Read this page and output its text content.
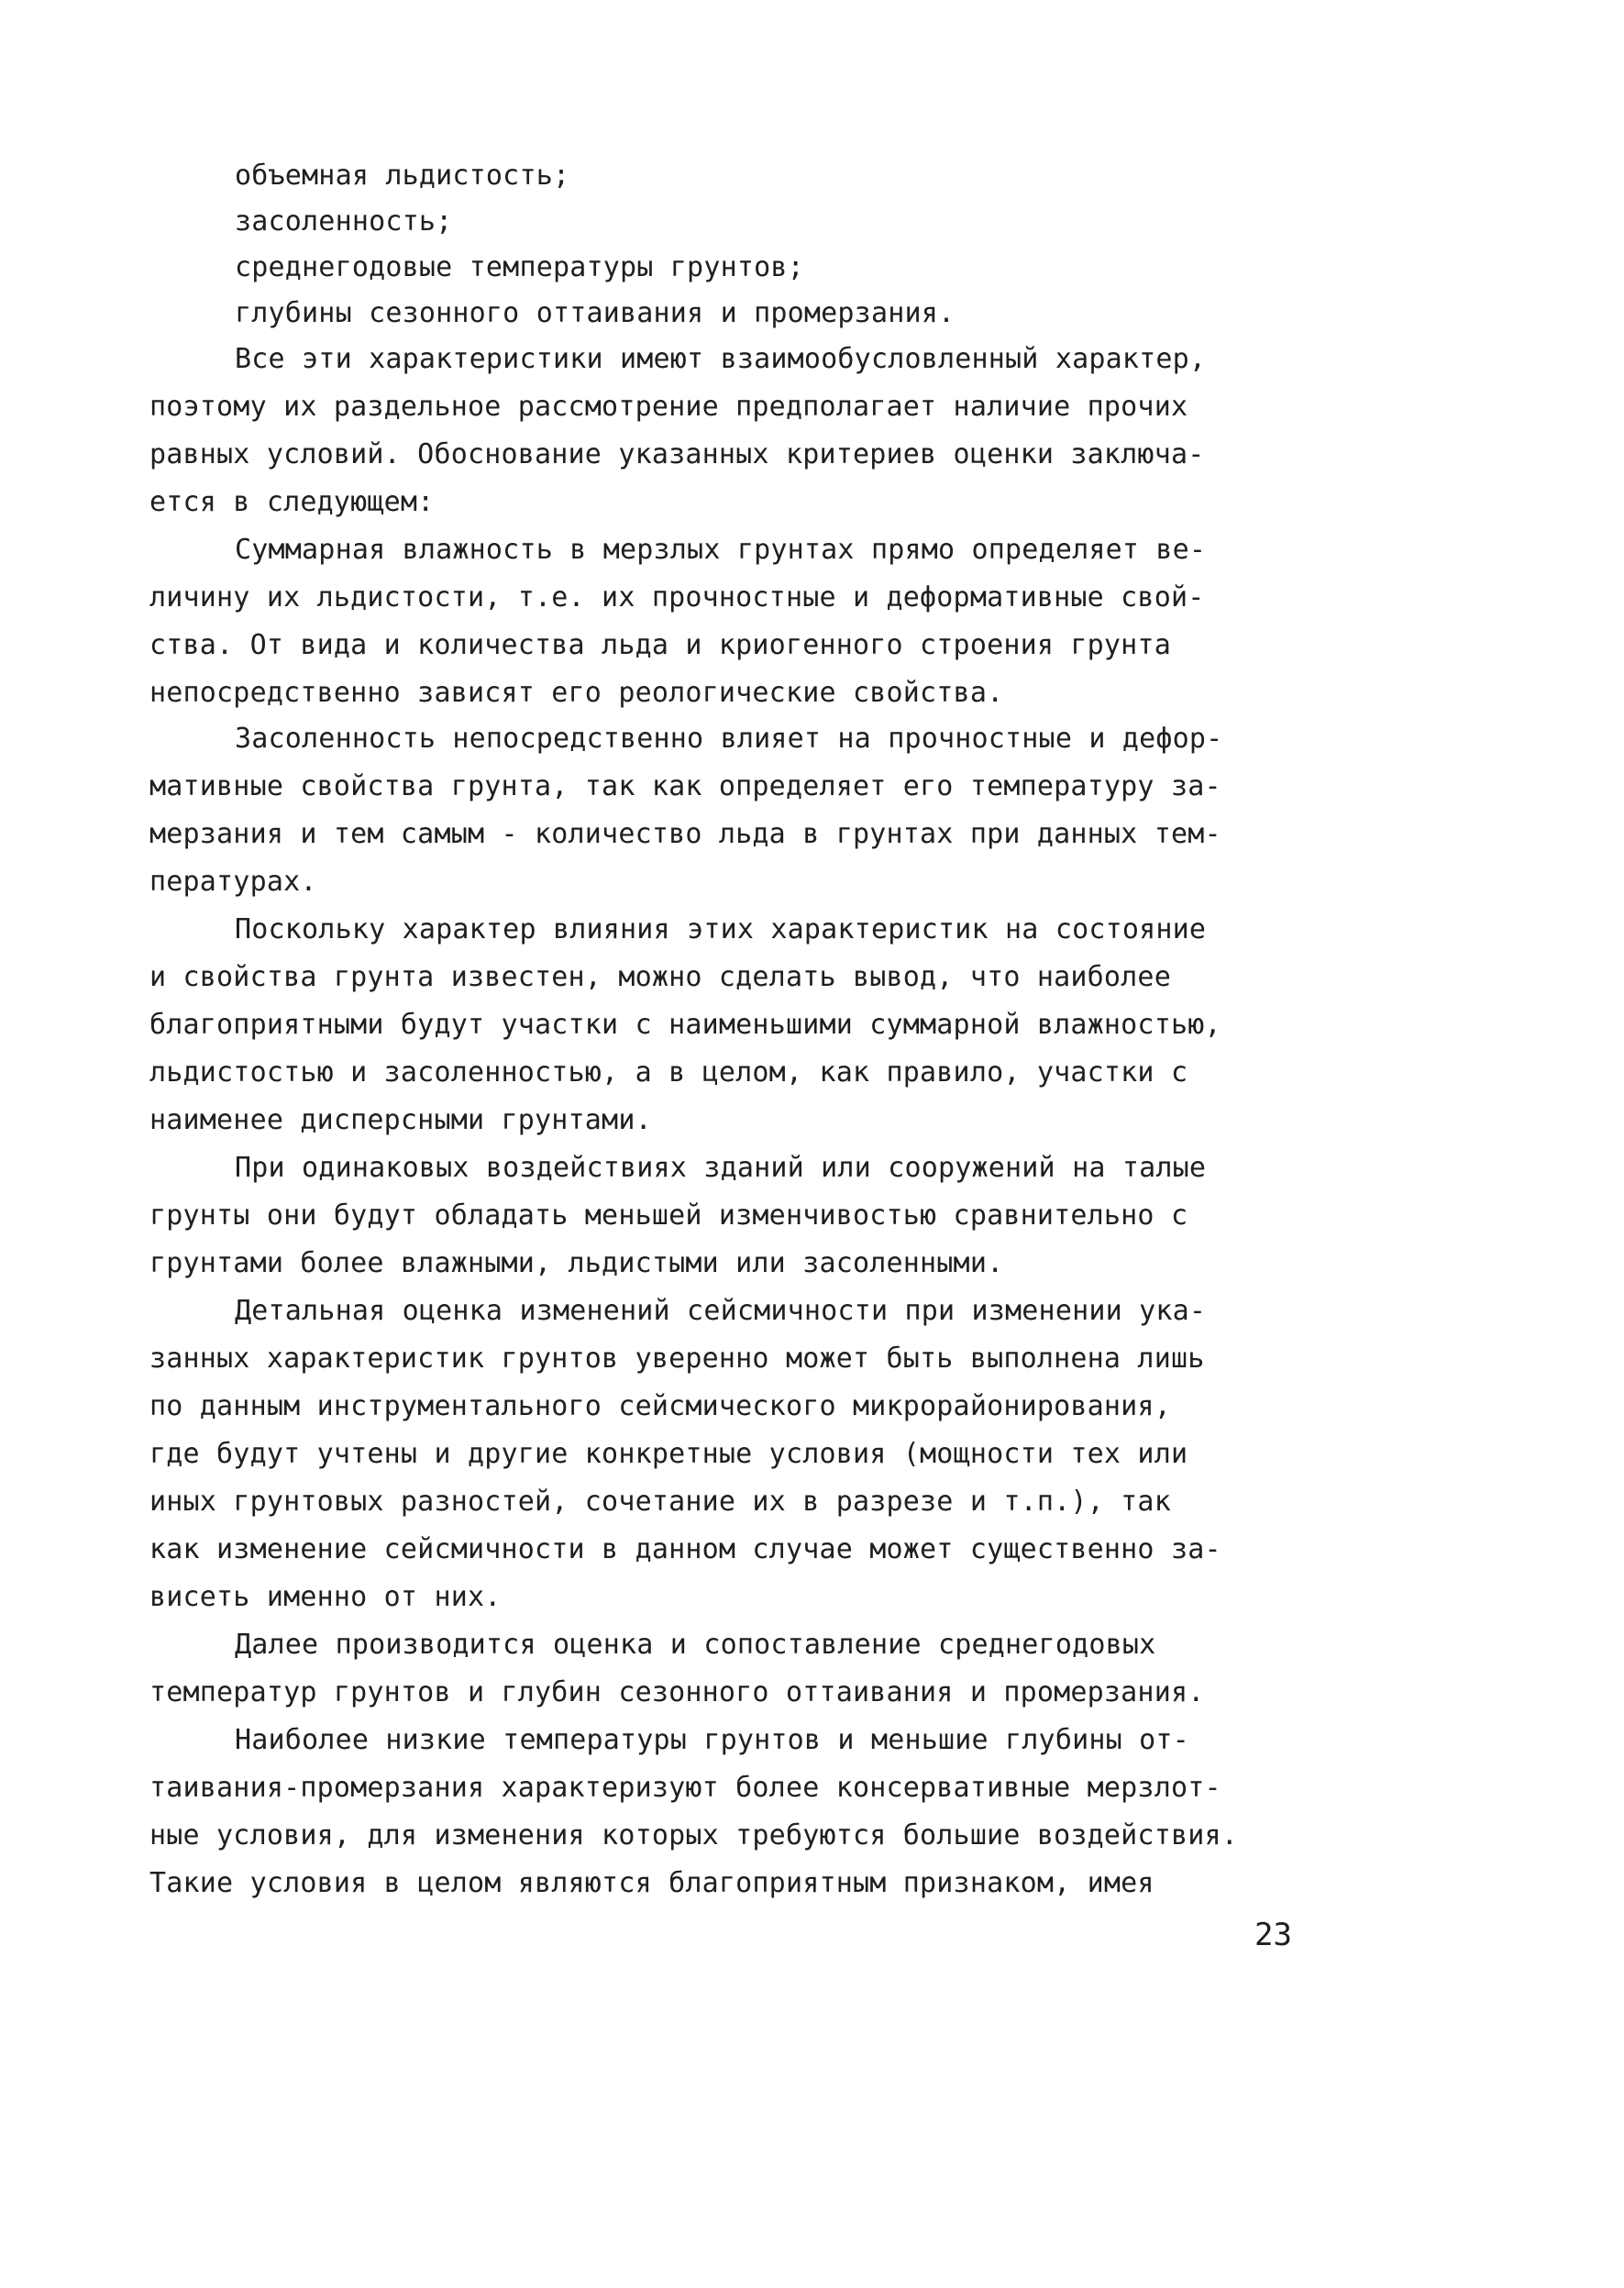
объемная льдистость;
засоленность;
среднегодовые температуры грунтов;
глубины сезонного оттаивания и промерзания.
Все эти характеристики имеют взаимообусловленный характер,
поэтому их раздельное рассмотрение предполагает наличие прочих
равных условий. Обоснование указанных критериев оценки заключа-
ется в следующем:
Суммарная влажность в мерзлых грунтах прямо определяет ве-
личину их льдистости, т.е. их прочностные и деформативные свой-
ства. От вида и количества льда и криогенного строения грунта
непосредственно зависят его реологические свойства.
Засоленность непосредственно влияет на прочностные и дефор-
мативные свойства грунта, так как определяет его температуру за-
мерзания и тем самым - количество льда в грунтах при данных тем-
пературах.
Поскольку характер влияния этих характеристик на состояние
и свойства грунта известен, можно сделать вывод, что наиболее
благоприятными будут участки с наименьшими суммарной влажностью,
льдистостью и засоленностью, а в целом, как правило, участки с
наименее дисперсными грунтами.
При одинаковых воздействиях зданий или сооружений на талые
грунты они будут обладать меньшей изменчивостью сравнительно с
грунтами более влажными, льдистыми или засоленными.
Детальная оценка изменений сейсмичности при изменении ука-
занных характеристик грунтов уверенно может быть выполнена лишь
по данным инструментального сейсмического микрорайонирования,
где будут учтены и другие конкретные условия (мощности тех или
иных грунтовых разностей, сочетание их в разрезе и т.п.), так
как изменение сейсмичности в данном случае может существенно за-
висеть именно от них.
Далее производится оценка и сопоставление среднегодовых
температур грунтов и глубин сезонного оттаивания и промерзания.
Наиболее низкие температуры грунтов и меньшие глубины от-
таивания-промерзания характеризуют более консервативные мерзлот-
ные условия, для изменения которых требуются большие воздействия.
Такие условия в целом являются благоприятным признаком, имея
23
